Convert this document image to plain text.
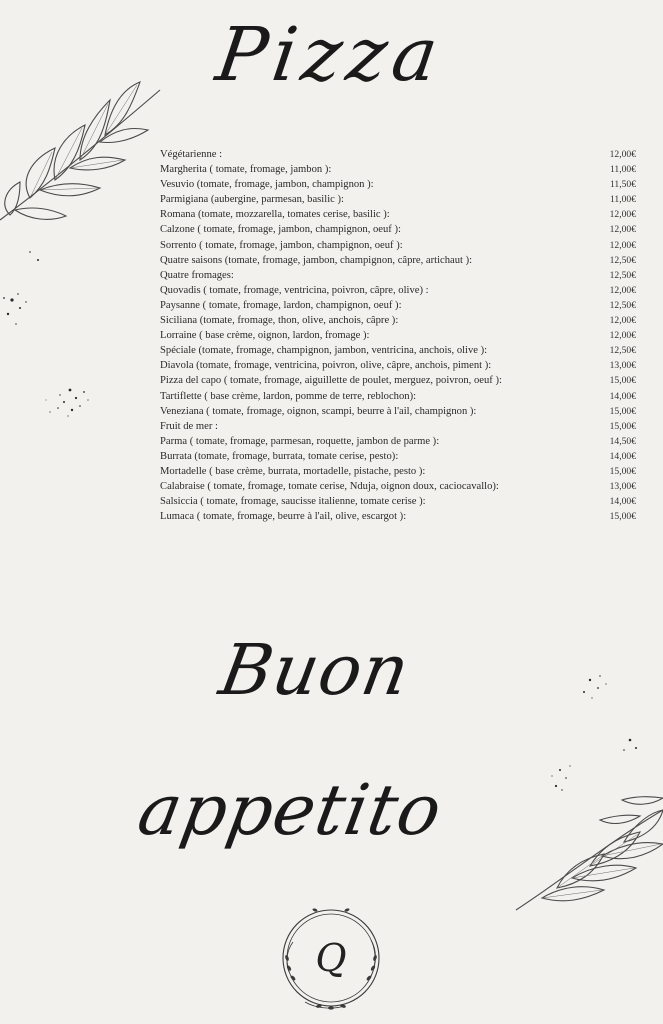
Pizza
Végétarienne :	12,00€
Margherita ( tomate, fromage, jambon ):	11,00€
Vesuvio (tomate, fromage, jambon, champignon ):	11,50€
Parmigiana (aubergine, parmesan, basilic ):	11,00€
Romana (tomate, mozzarella, tomates cerise, basilic ):	12,00€
Calzone ( tomate, fromage, jambon, champignon, oeuf ):	12,00€
Sorrento ( tomate, fromage, jambon, champignon, oeuf ):	12,00€
Quatre saisons (tomate, fromage, jambon, champignon, câpre, artichaut ):	12,50€
Quatre fromages:	12,50€
Quovadis ( tomate, fromage, ventricina, poivron, câpre, olive) :	12,00€
Paysanne ( tomate, fromage, lardon, champignon, oeuf ):	12,50€
Siciliana (tomate, fromage, thon, olive, anchois, câpre ):	12,00€
Lorraine ( base crème, oignon, lardon, fromage ):	12,00€
Spéciale (tomate, fromage, champignon, jambon, ventricina, anchois, olive ):	12,50€
Diavola (tomate, fromage, ventricina, poivron, olive, câpre, anchois, piment ):	13,00€
Pizza del capo ( tomate, fromage, aiguillette de poulet, merguez, poivron, oeuf ):	15,00€
Tartiflette ( base crème, lardon, pomme de terre, reblochon):	14,00€
Veneziana ( tomate, fromage, oignon, scampi, beurre à l'ail, champignon ):	15,00€
Fruit de mer :	15,00€
Parma ( tomate, fromage, parmesan, roquette, jambon de parme ):	14,50€
Burrata (tomate, fromage, burrata, tomate cerise, pesto):	14,00€
Mortadelle ( base crème, burrata, mortadelle, pistache, pesto ):	15,00€
Calabraise ( tomate, fromage, tomate cerise, Nduja, oignon doux, caciocavallo):	13,00€
Salsiccia ( tomate, fromage, saucisse italienne, tomate cerise ):	14,00€
Lumaca ( tomate, fromage, beurre à l'ail, olive, escargot ):	15,00€
Buon appetito
Q
